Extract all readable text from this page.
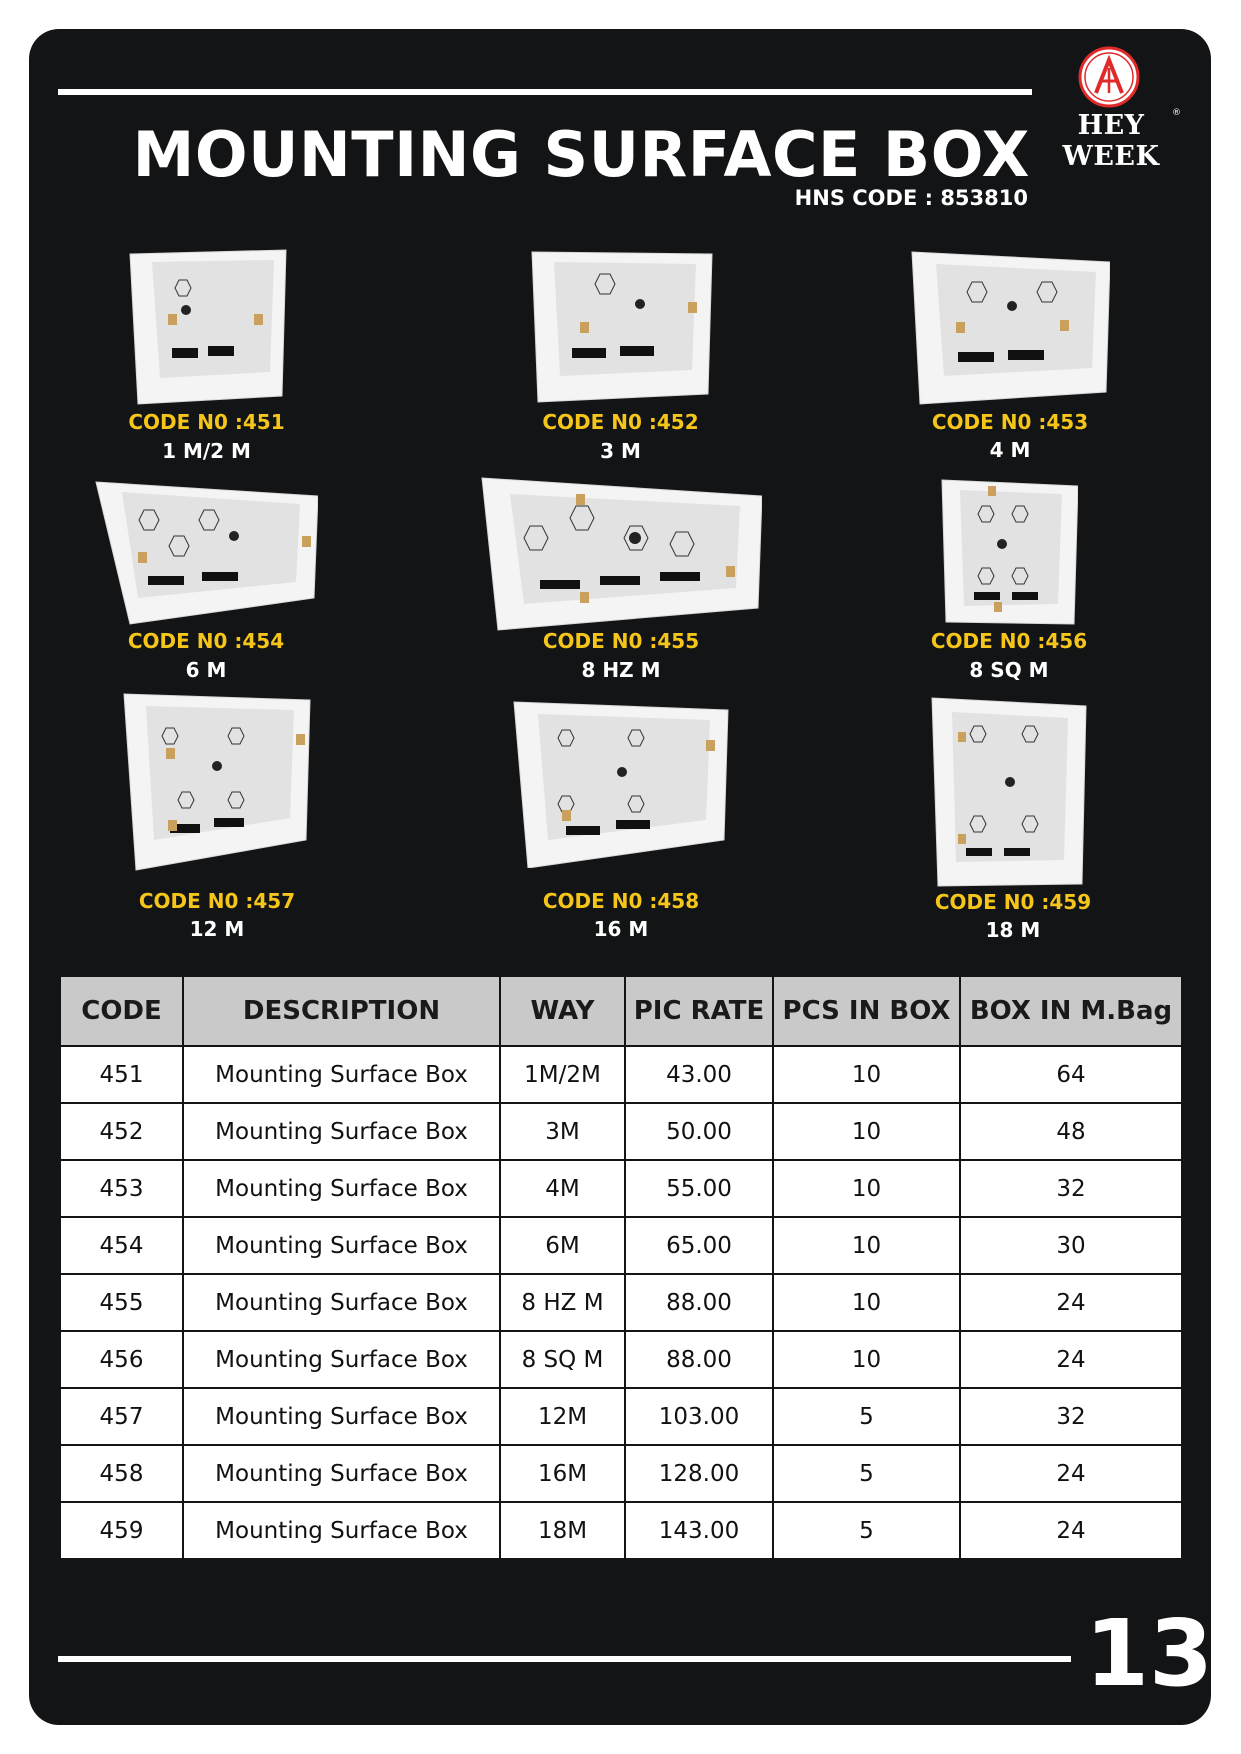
HEY WEEK
®
MOUNTING SURFACE BOX
HNS CODE : 853810
CODE N0 :451
1 M/2 M
CODE N0 :452
3 M
CODE N0 :453
4 M
CODE N0 :454
6 M
CODE N0 :455
8 HZ M
CODE N0 :456
8 SQ M
CODE N0 :457
12 M
CODE N0 :458
16 M
CODE N0 :459
18 M
CODE	DESCRIPTION	WAY	PIC RATE	PCS IN BOX	BOX IN M.Bag
451	Mounting Surface Box	1M/2M	43.00	10	64
452	Mounting Surface Box	3M	50.00	10	48
453	Mounting Surface Box	4M	55.00	10	32
454	Mounting Surface Box	6M	65.00	10	30
455	Mounting Surface Box	8 HZ M	88.00	10	24
456	Mounting Surface Box	8 SQ M	88.00	10	24
457	Mounting Surface Box	12M	103.00	5	32
458	Mounting Surface Box	16M	128.00	5	24
459	Mounting Surface Box	18M	143.00	5	24
13
